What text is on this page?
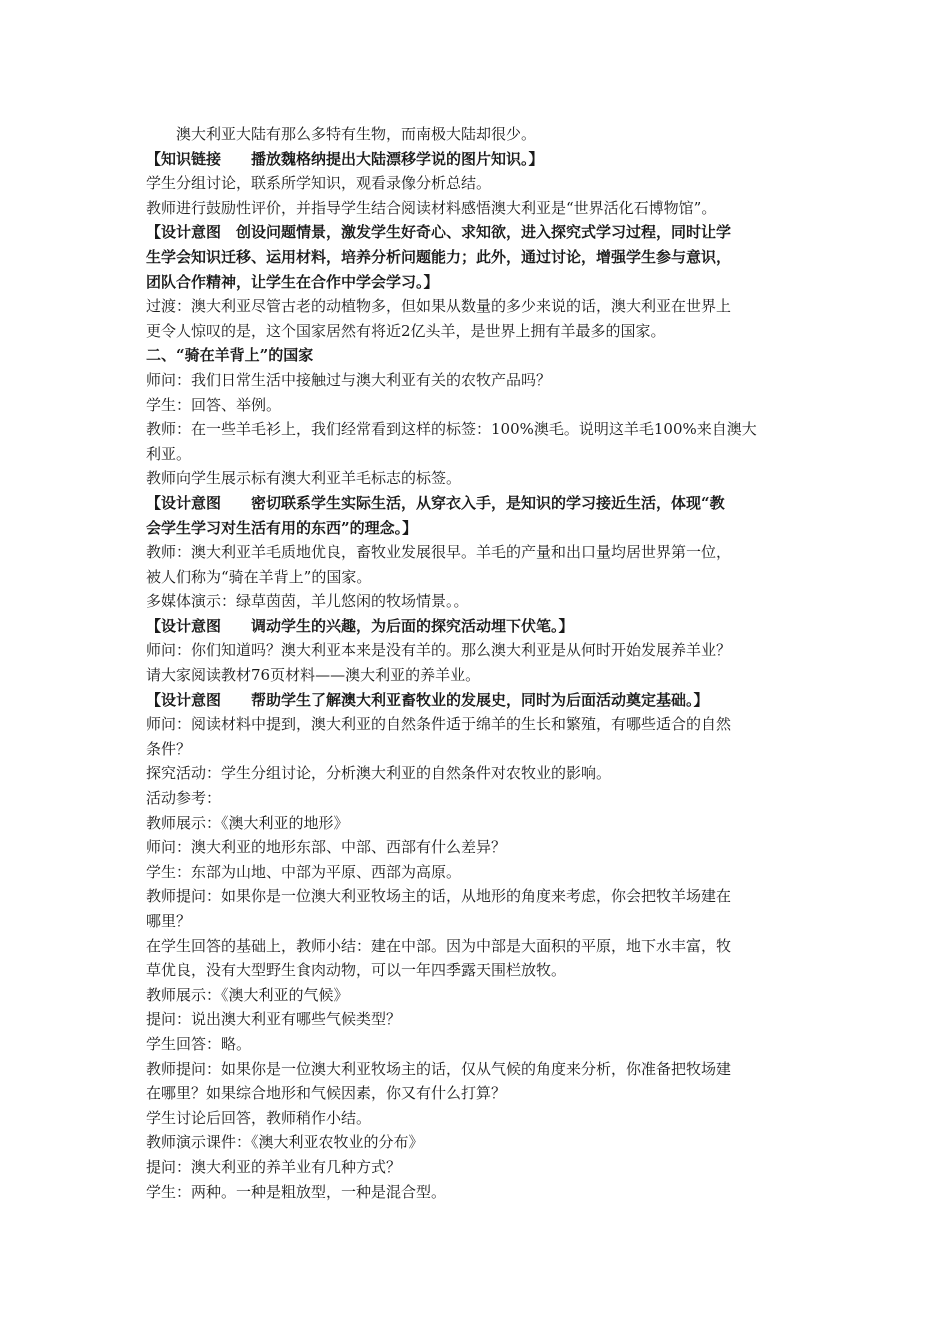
澳大利亚大陆有那么多特有生物，而南极大陆却很少。
【知识链接　　播放魏格纳提出大陆漂移学说的图片知识。】
学生分组讨论，联系所学知识，观看录像分析总结。
教师进行鼓励性评价，并指导学生结合阅读材料感悟澳大利亚是“世界活化石博物馆”。
【设计意图　创设问题情景，激发学生好奇心、求知欲，进入探究式学习过程，同时让学
生学会知识迁移、运用材料，培养分析问题能力；此外，通过讨论，增强学生参与意识，
团队合作精神，让学生在合作中学会学习。】
过渡：澳大利亚尽管古老的动植物多，但如果从数量的多少来说的话，澳大利亚在世界上
更令人惊叹的是，这个国家居然有将近2亿头羊，是世界上拥有羊最多的国家。
二、“骑在羊背上”的国家
师问：我们日常生活中接触过与澳大利亚有关的农牧产品吗？
学生：回答、举例。
教师：在一些羊毛衫上，我们经常看到这样的标签：100%澳毛。说明这羊毛100%来自澳大
利亚。
教师向学生展示标有澳大利亚羊毛标志的标签。
【设计意图　　密切联系学生实际生活，从穿衣入手，是知识的学习接近生活，体现“教
会学生学习对生活有用的东西”的理念。】
教师：澳大利亚羊毛质地优良，畜牧业发展很早。羊毛的产量和出口量均居世界第一位，
被人们称为“骑在羊背上”的国家。
多媒体演示：绿草茵茵，羊儿悠闲的牧场情景。。
【设计意图　　调动学生的兴趣，为后面的探究活动埋下伏笔。】
师问：你们知道吗？澳大利亚本来是没有羊的。那么澳大利亚是从何时开始发展养羊业？
请大家阅读教材76页材料——澳大利亚的养羊业。
【设计意图　　帮助学生了解澳大利亚畜牧业的发展史，同时为后面活动奠定基础。】
师问：阅读材料中提到，澳大利亚的自然条件适于绵羊的生长和繁殖，有哪些适合的自然
条件？
探究活动：学生分组讨论，分析澳大利亚的自然条件对农牧业的影响。
活动参考：
教师展示：《澳大利亚的地形》
师问：澳大利亚的地形东部、中部、西部有什么差异？
学生：东部为山地、中部为平原、西部为高原。
教师提问：如果你是一位澳大利亚牧场主的话，从地形的角度来考虑，你会把牧羊场建在
哪里？
在学生回答的基础上，教师小结：建在中部。因为中部是大面积的平原，地下水丰富，牧
草优良，没有大型野生食肉动物，可以一年四季露天围栏放牧。
教师展示：《澳大利亚的气候》
提问：说出澳大利亚有哪些气候类型？
学生回答：略。
教师提问：如果你是一位澳大利亚牧场主的话，仅从气候的角度来分析，你准备把牧场建
在哪里？如果综合地形和气候因素，你又有什么打算？
学生讨论后回答，教师稍作小结。
教师演示课件：《澳大利亚农牧业的分布》
提问：澳大利亚的养羊业有几种方式？
学生：两种。一种是粗放型，一种是混合型。
